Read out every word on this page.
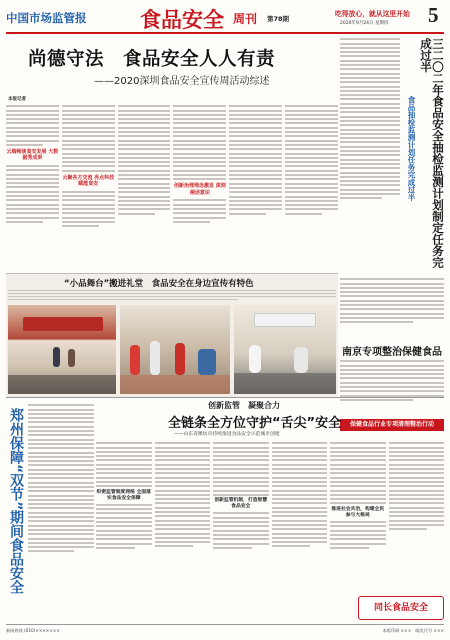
中国市场监管报	食品安全 周刊 第78期
吃得放心，就从这里开始
2020年9月24日 星期四 5
尚德守法　食品安全人人有责
——2020深圳食品安全宣传周活动综述
本报记者
云端畅谈食安发展 大数据秀成果
云聚各方交流 亮点科技赋能食安	创新治理理念激发 深刻阐述意识	食品抽检监测计划任务完成过半	三二〇二年食品安全抽检监测计划制定任务完成过半
“小品舞台”搬进礼堂　食品安全在身边宣传有特色
南京专项整治保健食品
保健食品行业专项清理整治行动
郑州保障“双节”期间食品安全
创新监管　凝聚合力
全链条全方位守护“舌尖”安全
——山东省潍坊市持续推进食品安全示范城市创建
织密监管制度网络 全面落实食品安全保障
创新监管机制，打造智慧食品安全
推进社会共治，构建全民参与大格局
同长食品安全
新闻热线 (010)×××××××	本版印刷 ×××　邮发代号 ×××
